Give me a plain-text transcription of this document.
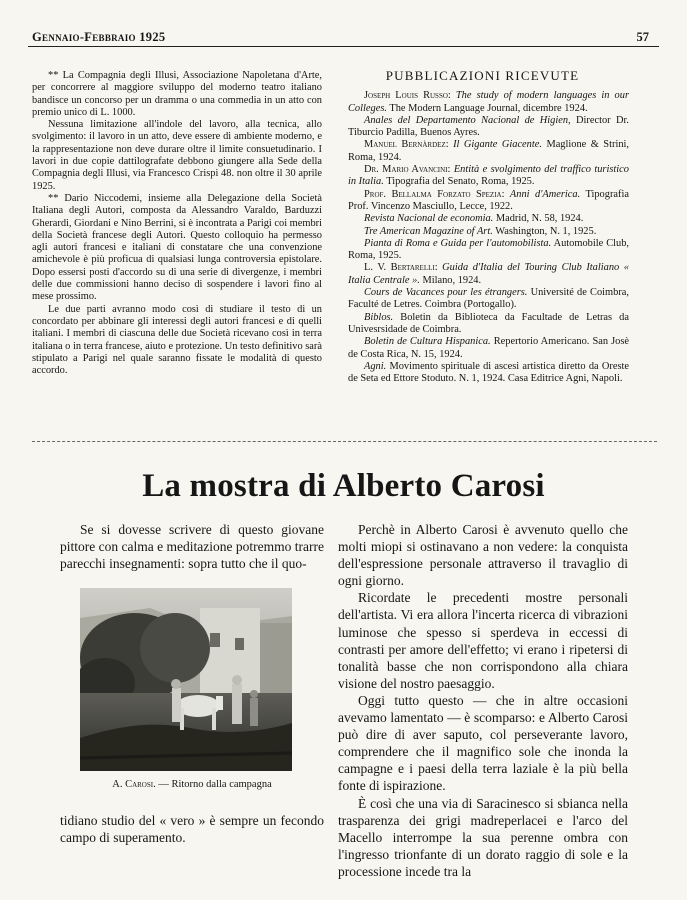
Gennaio-Febbraio 1925	57

** La Compagnia degli Illusi, Associazione Napoletana d'Arte, per concorrere al maggiore sviluppo del moderno teatro italiano bandisce un concorso per un dramma o una commedia in un atto con premio unico di L. 1000.

Nessuna limitazione all'indole del lavoro, alla tecnica, allo svolgimento: il lavoro in un atto, deve essere di ambiente moderno, e la rappresentazione non deve durare oltre il limite consuetudinario. I lavori in due copie dattilografate debbono giungere alla Sede della Compagnia degli Illusi, via Francesco Crispi 48. non oltre il 30 aprile 1925.

** Dario Niccodemi, insieme alla Delegazione della Società Italiana degli Autori, composta da Alessandro Varaldo, Barduzzi Gherardi, Giordani e Nino Berrini, si è incontrata a Parigi coi membri della Società francese degli Autori. Questo colloquio ha permesso agli autori francesi e italiani di constatare che una convenzione amichevole è più proficua di qualsiasi lunga controversia epistolare. Dopo essersi posti d'accordo su di una serie di divergenze, i membri delle due commissioni hanno deciso di sospendere i lavori fino al mese prossimo.

Le due parti avranno modo così di studiare il testo di un concordato per abbinare gli interessi degli autori francesi e di quelli italiani. I membri di ciascuna delle due Società ricevano così in terra italiana o in terra francese, aiuto e protezione. Un testo definitivo sarà stipulato a Parigi nel quale saranno fissate le modalità di questo accordo.

PUBBLICAZIONI RICEVUTE

Joseph Louis Russo: The study of modern languages in our Colleges. The Modern Language Journal, dicembre 1924.

Anales del Departamento Nacional de Higien, Director Dr. Tiburcio Padilla, Buenos Ayres.

Manuel Bernàrdez: Il Gigante Giacente. Maglione & Strini, Roma, 1924.

Dr. Mario Avancini: Entità e svolgimento del traffico turistico in Italia. Tipografia del Senato, Roma, 1925.

Prof. Bellalma Forzato Spezia: Anni d'America. Tipografia Prof. Vincenzo Masciullo, Lecce, 1922.

Revista Nacional de economia. Madrid, N. 58, 1924.

Tre American Magazine of Art. Washington, N. 1, 1925.

Pianta di Roma e Guida per l'automobilista. Automobile Club, Roma, 1925.

L. V. Bertarelli: Guida d'Italia del Touring Club Italiano « Italia Centrale ». Milano, 1924.

Cours de Vacances pour les étrangers. Université de Coimbra, Faculté de Letres. Coimbra (Portogallo).

Biblos. Boletin da Biblioteca da Facultade de Letras da Univesrsidade de Coimbra.

Boletin de Cultura Hispanica. Repertorio Americano. San Josè de Costa Rica, N. 15, 1924.

Agni. Movimento spirituale di ascesi artistica diretto da Oreste de Seta ed Ettore Stoduto. N. 1, 1924. Casa Editrice Agni, Napoli.

La mostra di Alberto Carosi

Se si dovesse scrivere di questo giovane pittore con calma e meditazione potremmo trarre parecchi insegnamenti: sopra tutto che il quo-

A. Carosi. — Ritorno dalla campagna
tidiano studio del « vero » è sempre un fecondo campo di superamento.

Perchè in Alberto Carosi è avvenuto quello che molti miopi si ostinavano a non vedere: la conquista dell'espressione personale attraverso il travaglio di ogni giorno.

Ricordate le precedenti mostre personali dell'artista. Vi era allora l'incerta ricerca di vibrazioni luminose che spesso si sperdeva in eccessi di contrasti per amore dell'effetto; vi erano i ripetersi di tonalità basse che non corrispondono alla chiara visione del nostro paesaggio.

Oggi tutto questo — che in altre occasioni avevamo lamentato — è scomparso: e Alberto Carosi può dire di aver saputo, col perseverante lavoro, comprendere che il magnifico sole che inonda la campagne e i paesi della terra laziale è la più bella fonte di ispirazione.

È così che una via di Saracinesco si sbianca nella trasparenza dei grigi madreperlacei e l'arco del Macello interrompe la sua perenne ombra con l'ingresso trionfante di un dorato raggio di sole e la processione incede tra la
